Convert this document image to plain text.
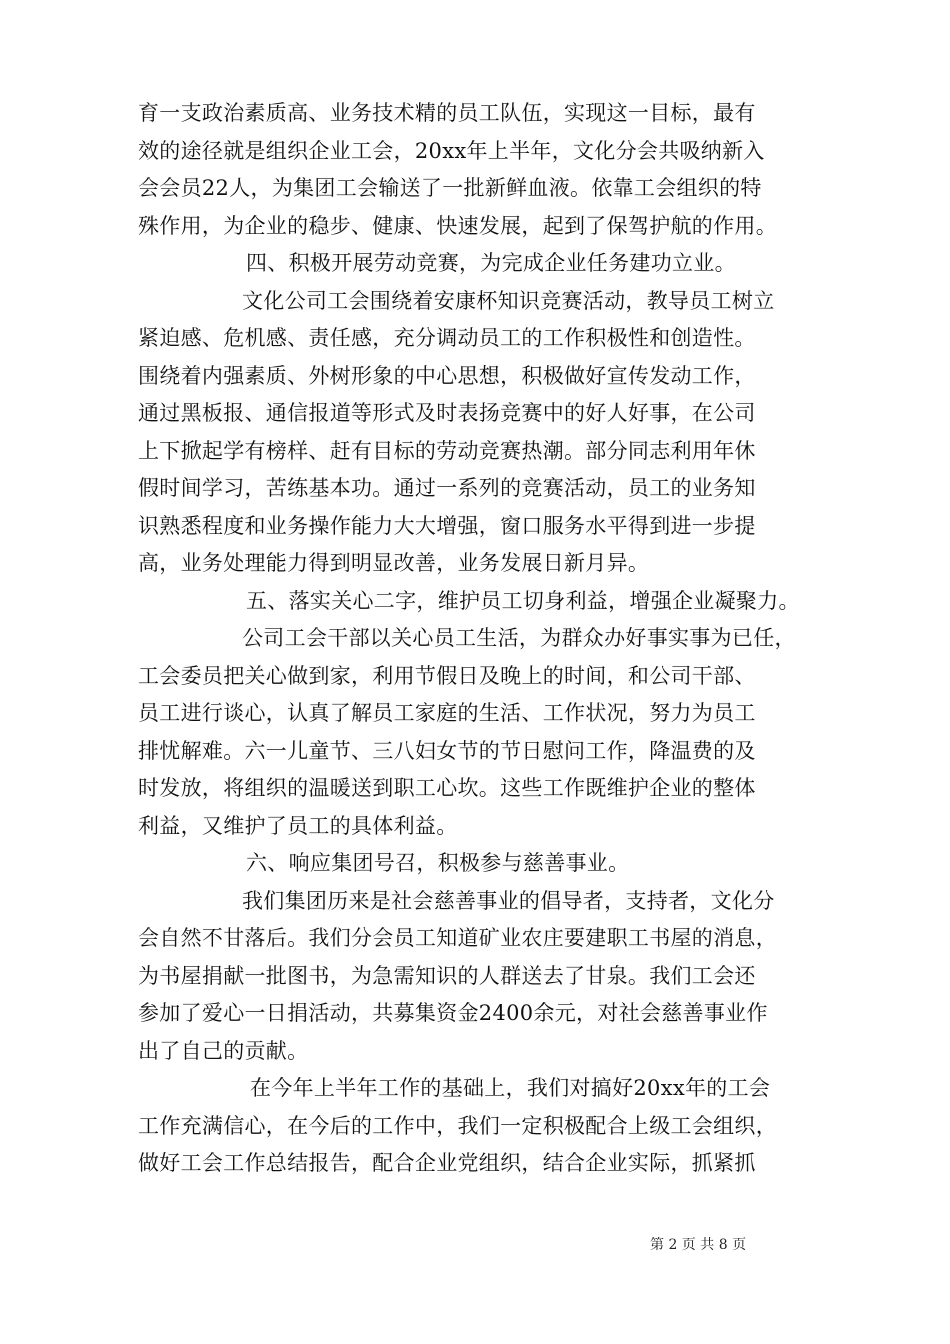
育一支政治素质高、业务技术精的员工队伍，实现这一目标，最有
效的途径就是组织企业工会，20xx年上半年，文化分会共吸纳新入
会会员22人，为集团工会输送了一批新鲜血液。依靠工会组织的特
殊作用，为企业的稳步、健康、快速发展，起到了保驾护航的作用。
四、积极开展劳动竞赛，为完成企业任务建功立业。
文化公司工会围绕着安康杯知识竞赛活动，教导员工树立
紧迫感、危机感、责任感，充分调动员工的工作积极性和创造性。
围绕着内强素质、外树形象的中心思想，积极做好宣传发动工作，
通过黑板报、通信报道等形式及时表扬竞赛中的好人好事，在公司
上下掀起学有榜样、赶有目标的劳动竞赛热潮。部分同志利用年休
假时间学习，苦练基本功。通过一系列的竞赛活动，员工的业务知
识熟悉程度和业务操作能力大大增强，窗口服务水平得到进一步提
高，业务处理能力得到明显改善，业务发展日新月异。
五、落实关心二字，维护员工切身利益，增强企业凝聚力。
公司工会干部以关心员工生活，为群众办好事实事为已任，
工会委员把关心做到家，利用节假日及晚上的时间，和公司干部、
员工进行谈心，认真了解员工家庭的生活、工作状况，努力为员工
排忧解难。六一儿童节、三八妇女节的节日慰问工作，降温费的及
时发放，将组织的温暖送到职工心坎。这些工作既维护企业的整体
利益，又维护了员工的具体利益。
六、响应集团号召，积极参与慈善事业。
我们集团历来是社会慈善事业的倡导者，支持者，文化分
会自然不甘落后。我们分会员工知道矿业农庄要建职工书屋的消息，
为书屋捐献一批图书，为急需知识的人群送去了甘泉。我们工会还
参加了爱心一日捐活动，共募集资金2400余元，对社会慈善事业作
出了自己的贡献。
在今年上半年工作的基础上，我们对搞好20xx年的工会
工作充满信心，在今后的工作中，我们一定积极配合上级工会组织，
做好工会工作总结报告，配合企业党组织，结合企业实际，抓紧抓
第 2 页 共 8 页
